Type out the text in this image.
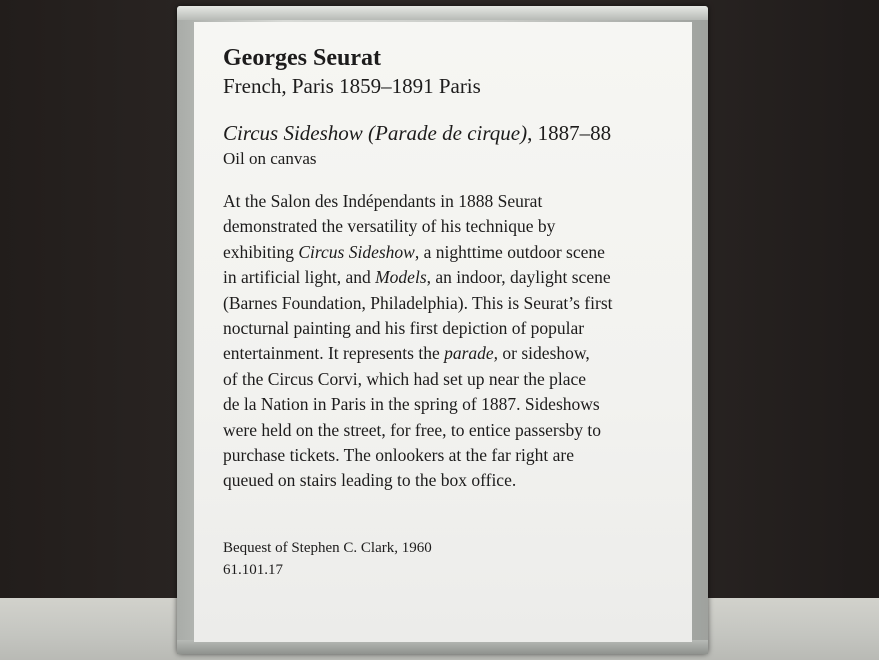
Georges Seurat

French, Paris 1859–1891 Paris

Circus Sideshow (Parade de cirque), 1887–88

Oil on canvas

At the Salon des Indépendants in 1888 Seurat
demonstrated the versatility of his technique by
exhibiting Circus Sideshow, a nighttime outdoor scene
in artificial light, and Models, an indoor, daylight scene
(Barnes Foundation, Philadelphia). This is Seurat’s first
nocturnal painting and his first depiction of popular
entertainment. It represents the parade, or sideshow,
of the Circus Corvi, which had set up near the place
de la Nation in Paris in the spring of 1887. Sideshows
were held on the street, for free, to entice passersby to
purchase tickets. The onlookers at the far right are
queued on stairs leading to the box office.

Bequest of Stephen C. Clark, 1960

61.101.17
